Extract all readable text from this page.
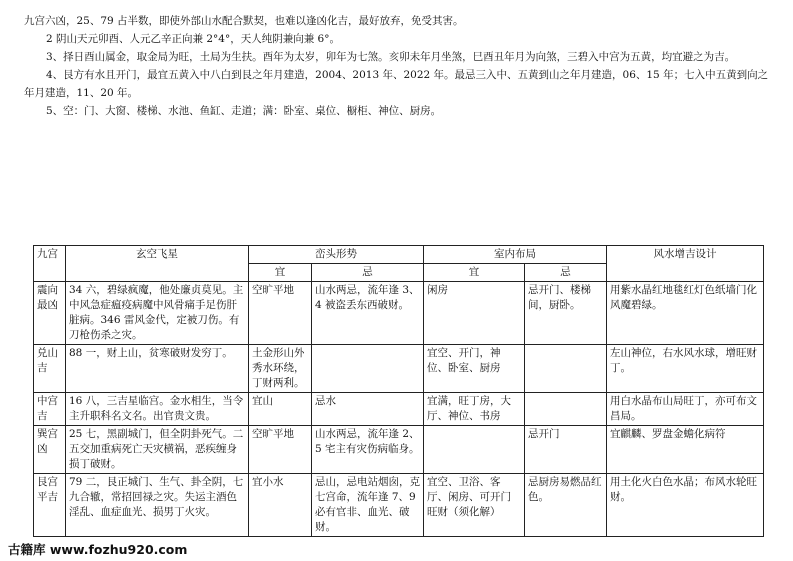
九宫六凶，25、79 占半数，即使外部山水配合默契，也难以逢凶化吉，最好放弃，免受其害。

2 阴山天元卯酉、人元乙辛正向兼 2°4°，天人纯阴兼向兼 6°。

3、择日酉山属金，取金局为旺，土局为生扶。酉年为太岁，卯年为七煞。亥卯未年月坐煞，巳酉丑年月为向煞，三碧入中宫为五黄，均宜避之为吉。

4、艮方有水且开门，最宜五黄入中八白到艮之年月建造，2004、2013 年、2022 年。最忌三入中、五黄到山之年月建造，06、15 年；七入中五黄到向之年月建造，11、20 年。

5、空：门、大窗、楼梯、水池、鱼缸、走道；满：卧室、桌位、橱柜、神位、厨房。

九宫	玄空飞星	峦头形势		室内布局		风水增吉设计
		宜	忌	宜	忌	
震向最凶	34 六，碧绿疯魔，他处廉贞莫见。主中风急症瘟疫病魔中风骨痛手足伤肝脏病。346 雷风金代，定被刀伤。有刀枪伤杀之灾。	空旷平地	山水两忌，流年逢 3、4 被盗丢东西破财。	闲房	忌开门、楼梯间，厨卧。	用紫水晶红地毯红灯色纸墙门化风魔碧绿。
兑山吉	88 一，财上山，贫寒破财发穷丁。	土金形山外秀水环绕，丁财两利。		宜空、开门，神位、卧室、厨房		左山神位，右水风水球，增旺财丁。
中宫吉	16 八，三吉星临宫。金水相生，当令主升职科名文名。出官贵文贵。	宜山	忌水	宜满，旺丁房，大厅、神位、书房		用白水晶布山局旺丁，亦可布文昌局。
巽宫凶	25 七，黑副城门，但全阴卦死气。二五交加重病死亡天灾横祸，恶疾缠身损丁破财。	空旷平地	山水两忌，流年逢 2、5 宅主有灾伤病临身。		忌开门	宜麒麟、罗盘金蟾化病符
艮宫平吉	79 二，艮正城门、生气、卦全阴，七九合辙，常招回禄之灾。失运主酒色淫乱、血症血光、损男丁火灾。	宜小水	忌山，忌电站烟囱，克七宫命，流年逢 7、9 必有官非、血光、破财。	宜空、卫浴、客厅、闲房、可开门旺财（须化解）	忌厨房易燃品红色。	用土化火白色水晶；布风水轮旺财。
古籍库 www.fozhu920.com
